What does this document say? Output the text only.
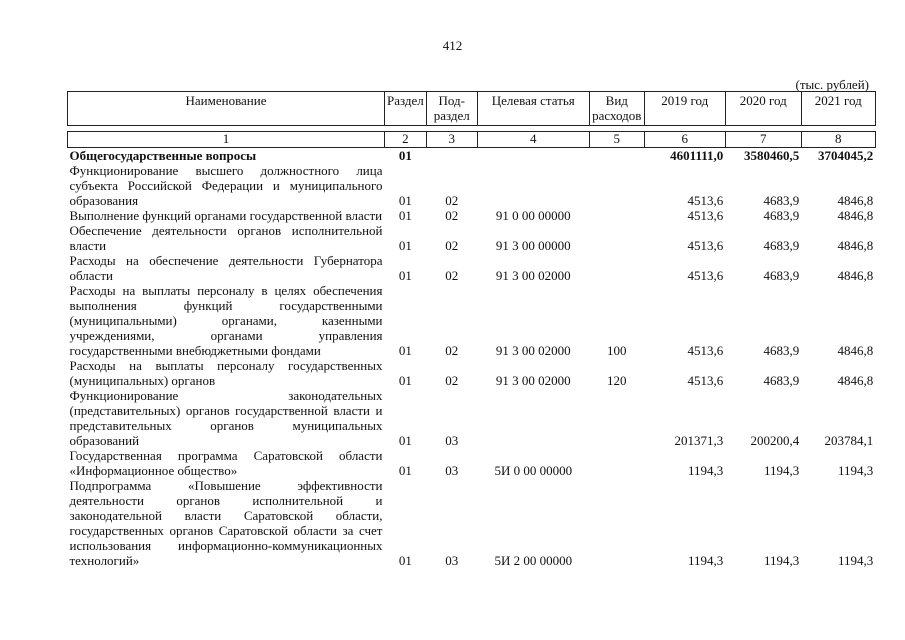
412
(тыс. рублей)
Наименование	Раздел	Под-раздел	Целевая статья	Вид расходов	2019 год	2020 год	2021 год

1	2	3	4	5	6	7	8
Общегосударственные вопросы	01				4601111,0	3580460,5	3704045,2
Функционирование высшего должностного лица субъекта Российской Федерации и муниципального образования	01	02			4513,6	4683,9	4846,8
Выполнение функций органами государственной власти	01	02	91 0 00 00000		4513,6	4683,9	4846,8
Обеспечение деятельности органов исполнительной власти	01	02	91 3 00 00000		4513,6	4683,9	4846,8
Расходы на обеспечение деятельности Губернатора области	01	02	91 3 00 02000		4513,6	4683,9	4846,8
Расходы на выплаты персоналу в целях обеспечения выполнения функций государственными (муниципальными) органами, казенными учреждениями, органами управления государственными внебюджетными фондами	01	02	91 3 00 02000	100	4513,6	4683,9	4846,8
Расходы на выплаты персоналу государственных (муниципальных) органов	01	02	91 3 00 02000	120	4513,6	4683,9	4846,8
Функционирование законодательных (представительных) органов государственной власти и представительных органов муниципальных образований	01	03			201371,3	200200,4	203784,1
Государственная программа Саратовской области «Информационное общество»	01	03	5И 0 00 00000		1194,3	1194,3	1194,3
Подпрограмма «Повышение эффективности деятельности органов исполнительной и законодательной власти Саратовской области, государственных органов Саратовской области за счет использования информационно-коммуникационных технологий»	01	03	5И 2 00 00000		1194,3	1194,3	1194,3
